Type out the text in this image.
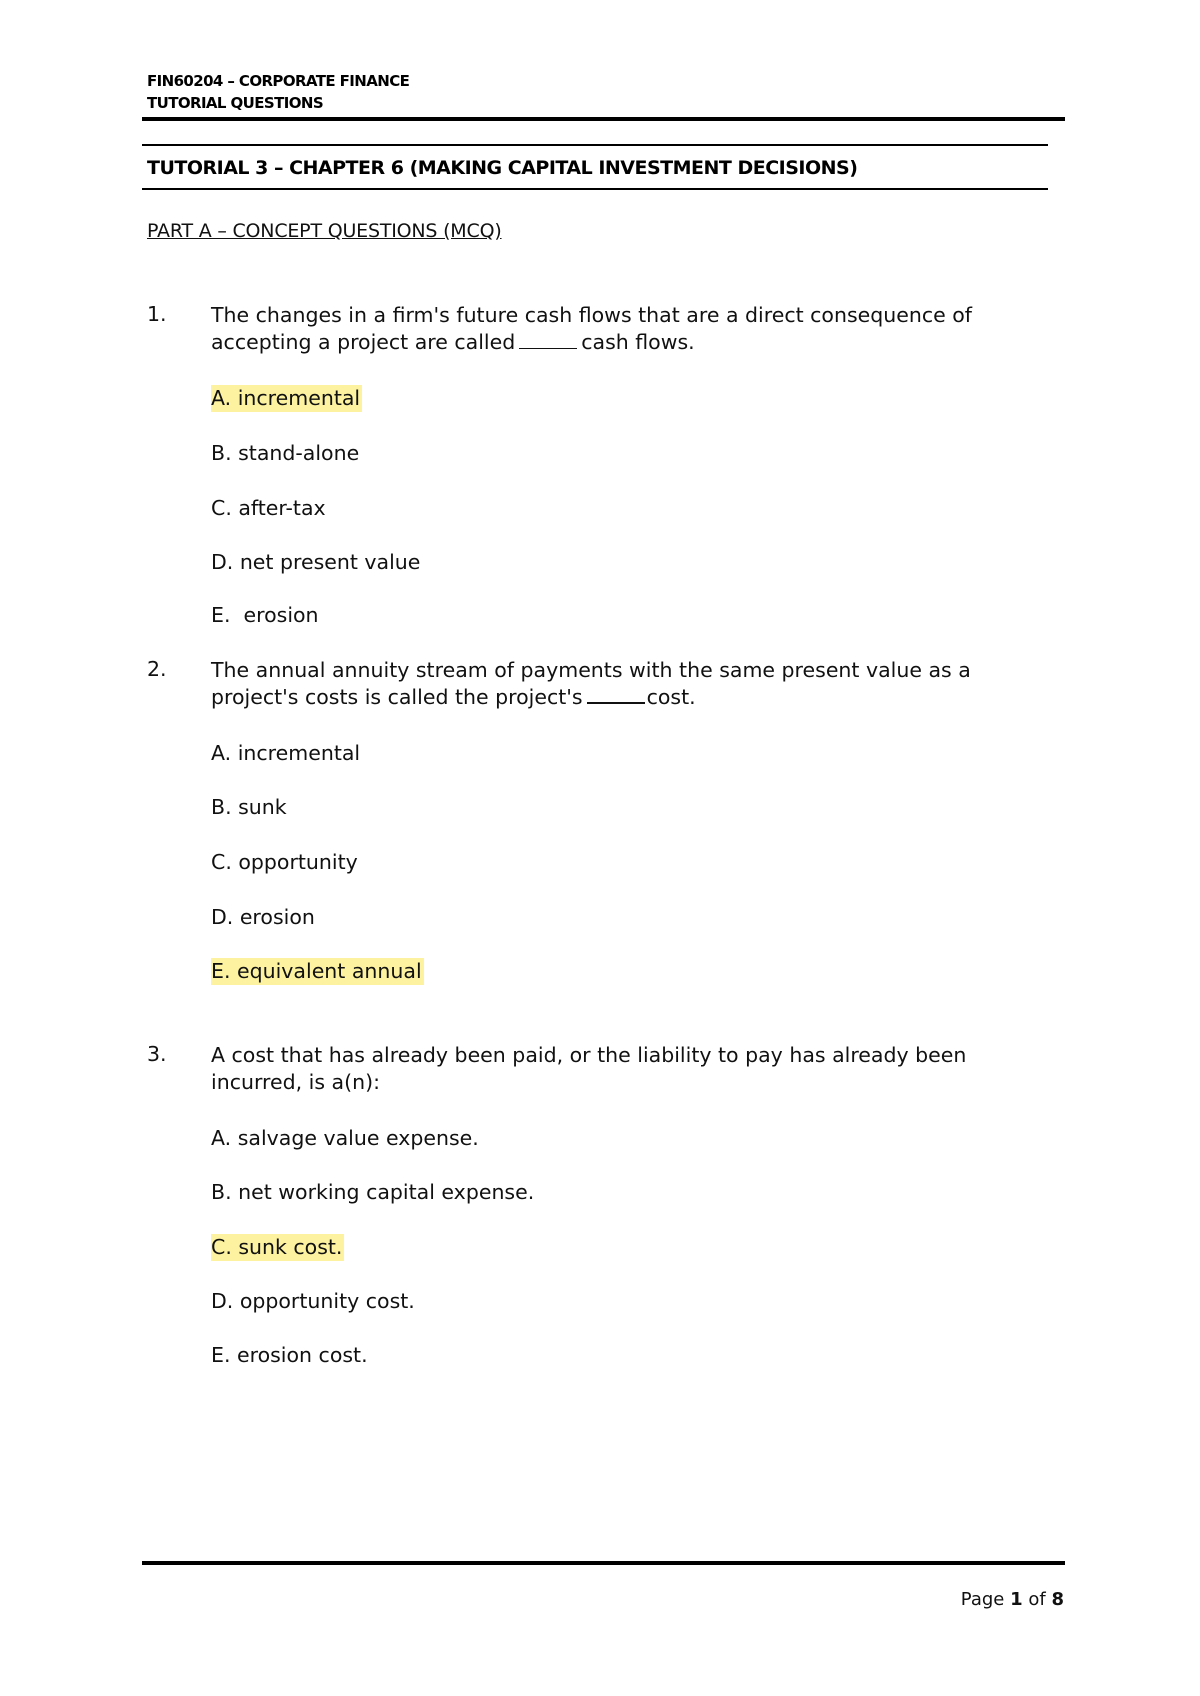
FIN60204 – CORPORATE FINANCE
TUTORIAL QUESTIONS
TUTORIAL 3 – CHAPTER 6 (MAKING CAPITAL INVESTMENT DECISIONS)
PART A – CONCEPT QUESTIONS (MCQ)
1. The changes in a firm's future cash flows that are a direct consequence of accepting a project are called	cash flows.
A. incremental
B. stand-alone
C. after-tax
D. net present value
E.  erosion
2. The annual annuity stream of payments with the same present value as a project's costs is called the project's	cost.
A. incremental
B. sunk
C. opportunity
D. erosion
E. equivalent annual
3. A cost that has already been paid, or the liability to pay has already been incurred, is a(n):
A. salvage value expense.
B. net working capital expense.
C. sunk cost.
D. opportunity cost.
E. erosion cost.
Page 1 of 8
